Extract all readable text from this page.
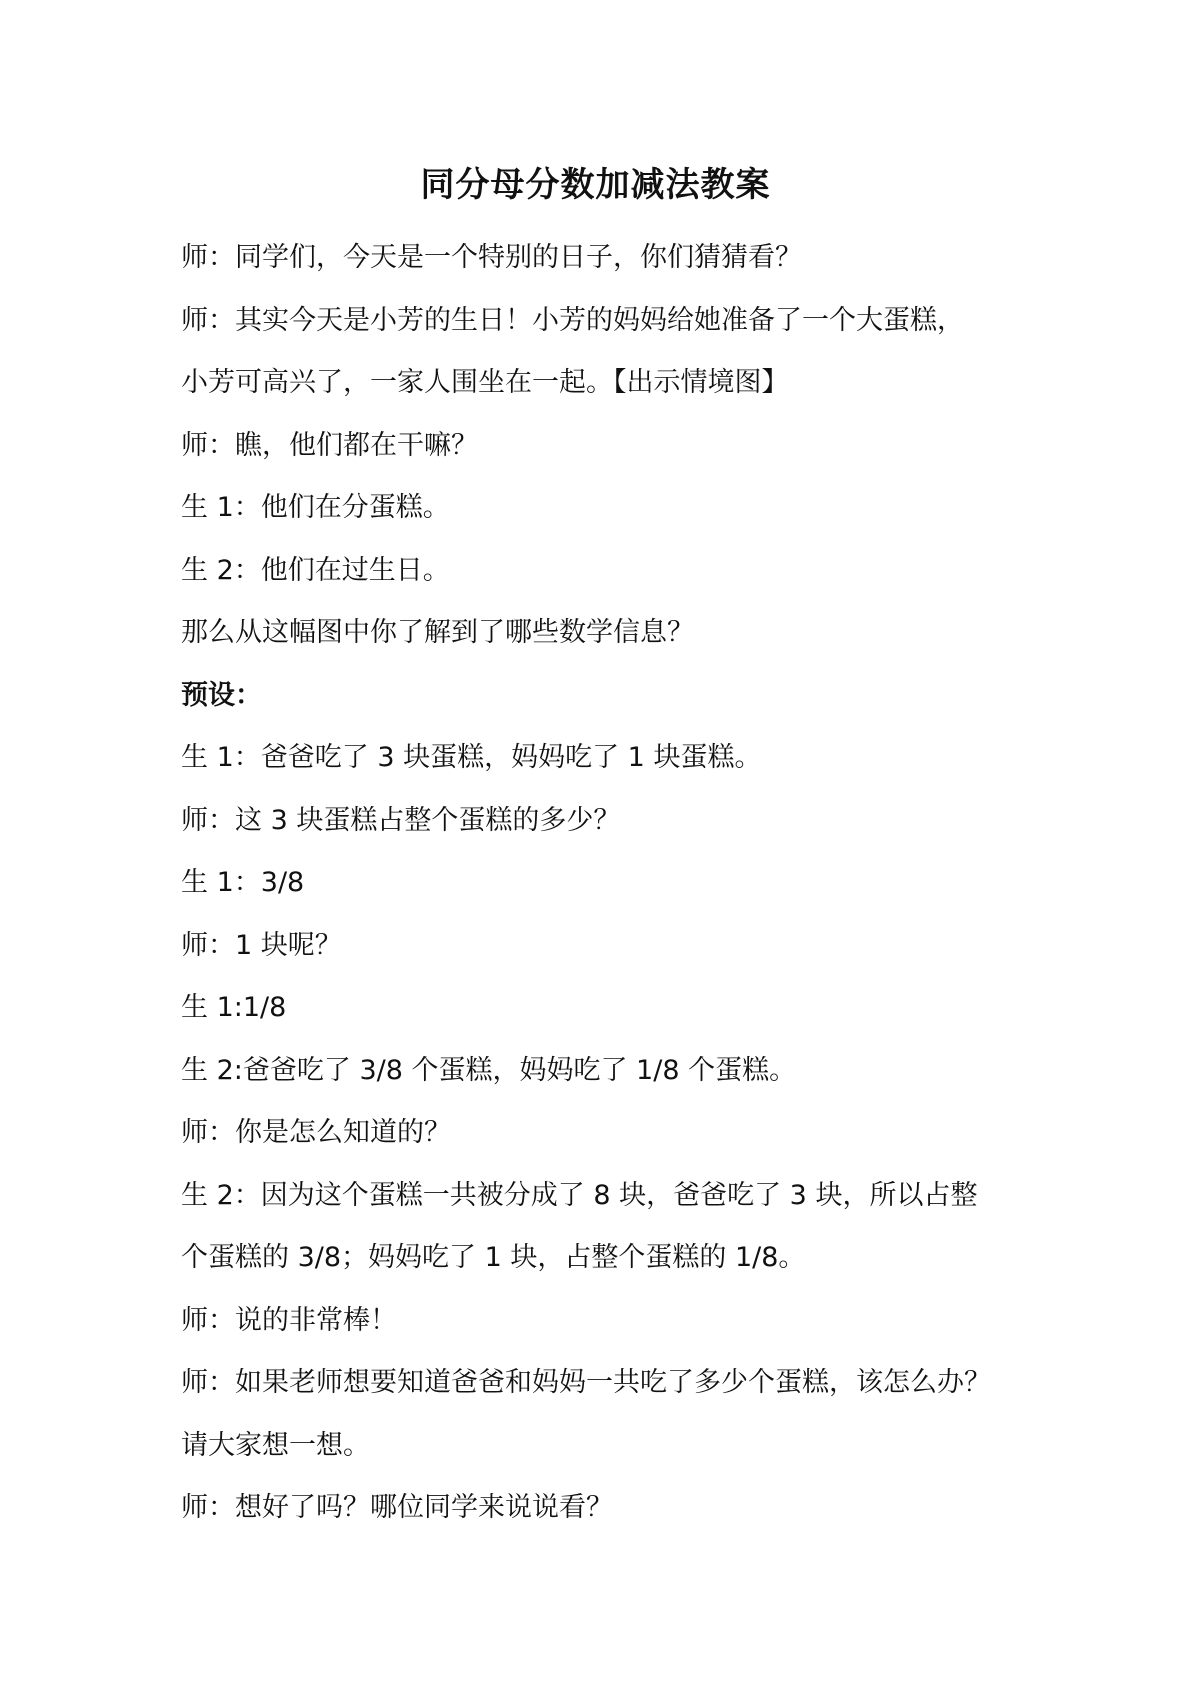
同分母分数加减法教案
师：同学们，今天是一个特别的日子，你们猜猜看？
师：其实今天是小芳的生日！小芳的妈妈给她准备了一个大蛋糕，
小芳可高兴了，一家人围坐在一起。【出示情境图】
师：瞧，他们都在干嘛？
生 1：他们在分蛋糕。
生 2：他们在过生日。
那么从这幅图中你了解到了哪些数学信息？
预设：
生 1：爸爸吃了 3 块蛋糕，妈妈吃了 1 块蛋糕。
师：这 3 块蛋糕占整个蛋糕的多少？
生 1：3/8
师：1 块呢？
生 1:1/8
生 2:爸爸吃了 3/8 个蛋糕，妈妈吃了 1/8 个蛋糕。
师：你是怎么知道的？
生 2：因为这个蛋糕一共被分成了 8 块，爸爸吃了 3 块，所以占整
个蛋糕的 3/8；妈妈吃了 1 块，占整个蛋糕的 1/8。
师：说的非常棒！
师：如果老师想要知道爸爸和妈妈一共吃了多少个蛋糕，该怎么办？
请大家想一想。
师：想好了吗？哪位同学来说说看？
